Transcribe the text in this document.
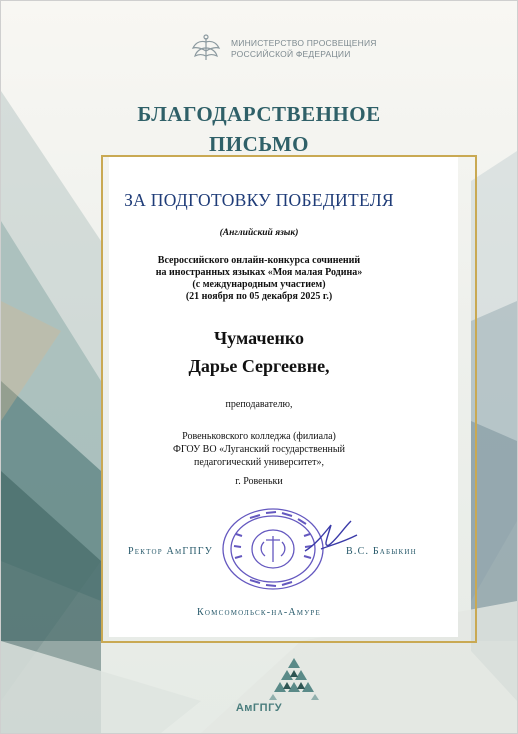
МИНИСТЕРСТВО ПРОСВЕЩЕНИЯ
РОССИЙСКОЙ ФЕДЕРАЦИИ
БЛАГОДАРСТВЕННОЕ
ПИСЬМО
ЗА ПОДГОТОВКУ ПОБЕДИТЕЛЯ
(Английский язык)
Всероссийского онлайн-конкурса сочинений
на иностранных языках «Моя малая Родина»
(с международным участием)
(21 ноября по 05 декабря 2025 г.)
Чумаченко
Дарье Сергеевне,
преподавателю,
Ровеньковского колледжа (филиала)
ФГОУ ВО «Луганский государственный
педагогический университет»,
г. Ровеньки
Ректор АмГПГУ	В.С. Бабыкин
Комсомольск-на-Амуре
АмГПГУ
